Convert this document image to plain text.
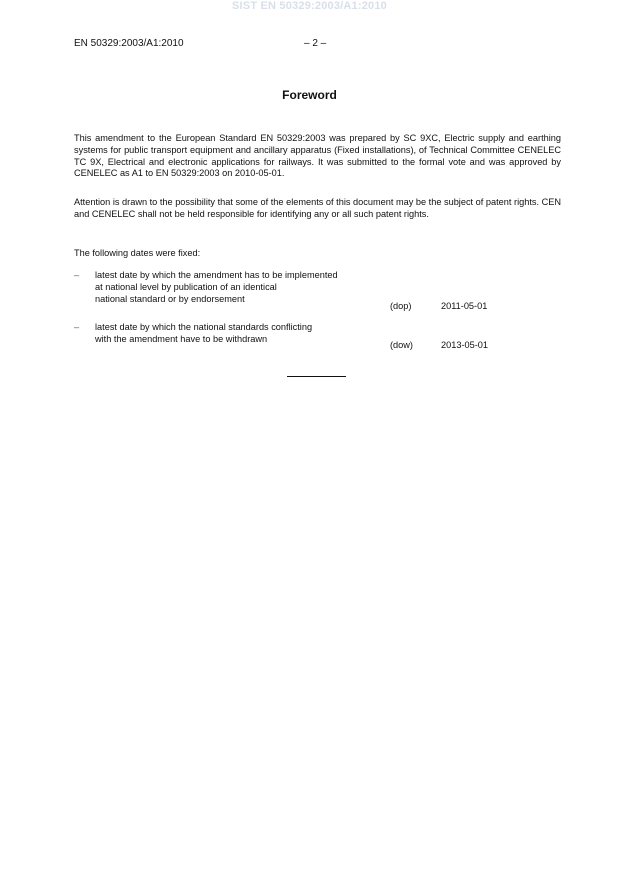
SIST EN 50329:2003/A1:2010
EN 50329:2003/A1:2010	– 2 –
Foreword

This amendment to the European Standard EN 50329:2003 was prepared by SC 9XC, Electric supply and earthing systems for public transport equipment and ancillary apparatus (Fixed installations), of Technical Committee CENELEC TC 9X, Electrical and electronic applications for railways. It was submitted to the formal vote and was approved by CENELEC as A1 to EN 50329:2003 on 2010-05-01.

Attention is drawn to the possibility that some of the elements of this document may be the subject of patent rights. CEN and CENELEC shall not be held responsible for identifying any or all such patent rights.

The following dates were fixed:

– latest date by which the amendment has to be implemented
at national level by publication of an identical
national standard or by endorsement
(dop)	2011-05-01
– latest date by which the national standards conflicting
with the amendment have to be withdrawn
(dow)	2013-05-01
